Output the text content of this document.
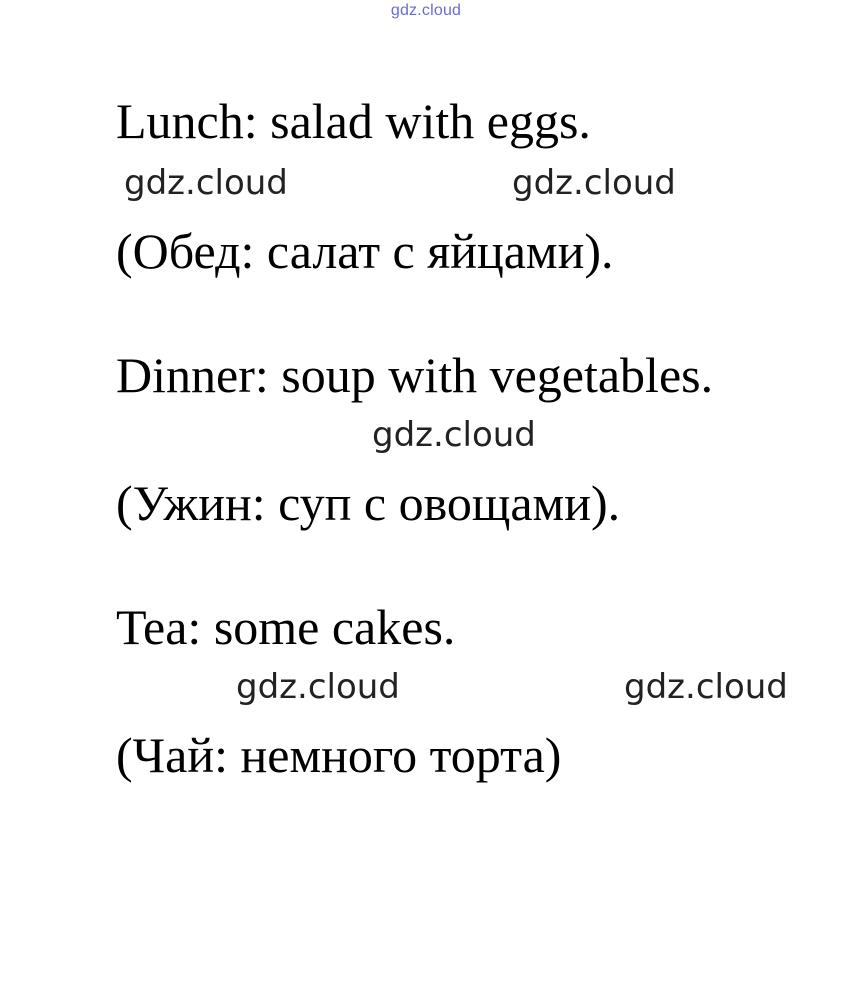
gdz.cloud
Lunch: salad with eggs.
gdz.cloud	gdz.cloud
(Обед: салат с яйцами).
Dinner: soup with vegetables.
gdz.cloud
(Ужин: суп с овощами).
Tea: some cakes.
gdz.cloud	gdz.cloud
(Чай: немного торта)
